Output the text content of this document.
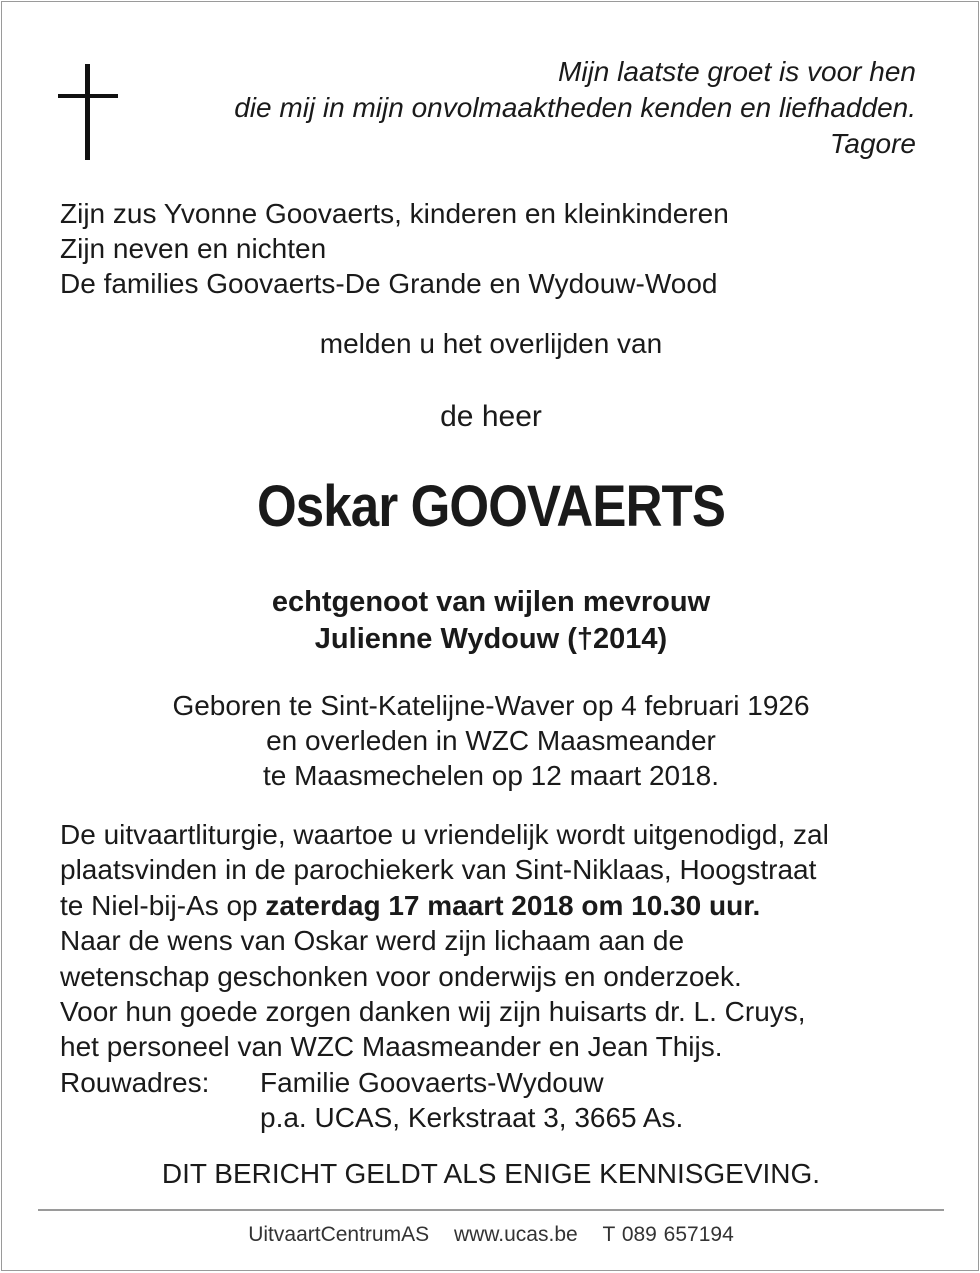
Mijn laatste groet is voor hen
die mij in mijn onvolmaaktheden kenden en liefhadden.
Tagore
Zijn zus Yvonne Goovaerts, kinderen en kleinkinderen
Zijn neven en nichten
De families Goovaerts-De Grande en Wydouw-Wood
melden u het overlijden van
de heer
Oskar GOOVAERTS
echtgenoot van wijlen mevrouw
Julienne Wydouw (†2014)
Geboren te Sint-Katelijne-Waver op 4 februari 1926
en overleden in WZC Maasmeander
te Maasmechelen op 12 maart 2018.
De uitvaartliturgie, waartoe u vriendelijk wordt uitgenodigd, zal
plaatsvinden in de parochiekerk van Sint-Niklaas, Hoogstraat
te Niel-bij-As op zaterdag 17 maart 2018 om 10.30 uur.
Naar de wens van Oskar werd zijn lichaam aan de
wetenschap geschonken voor onderwijs en onderzoek.
Voor hun goede zorgen danken wij zijn huisarts dr. L. Cruys,
het personeel van WZC Maasmeander en Jean Thijs.
Rouwadres:	Familie Goovaerts-Wydouw
p.a. UCAS, Kerkstraat 3, 3665 As.
DIT BERICHT GELDT ALS ENIGE KENNISGEVING.
UitvaartCentrumAS www.ucas.be T 089 657194
